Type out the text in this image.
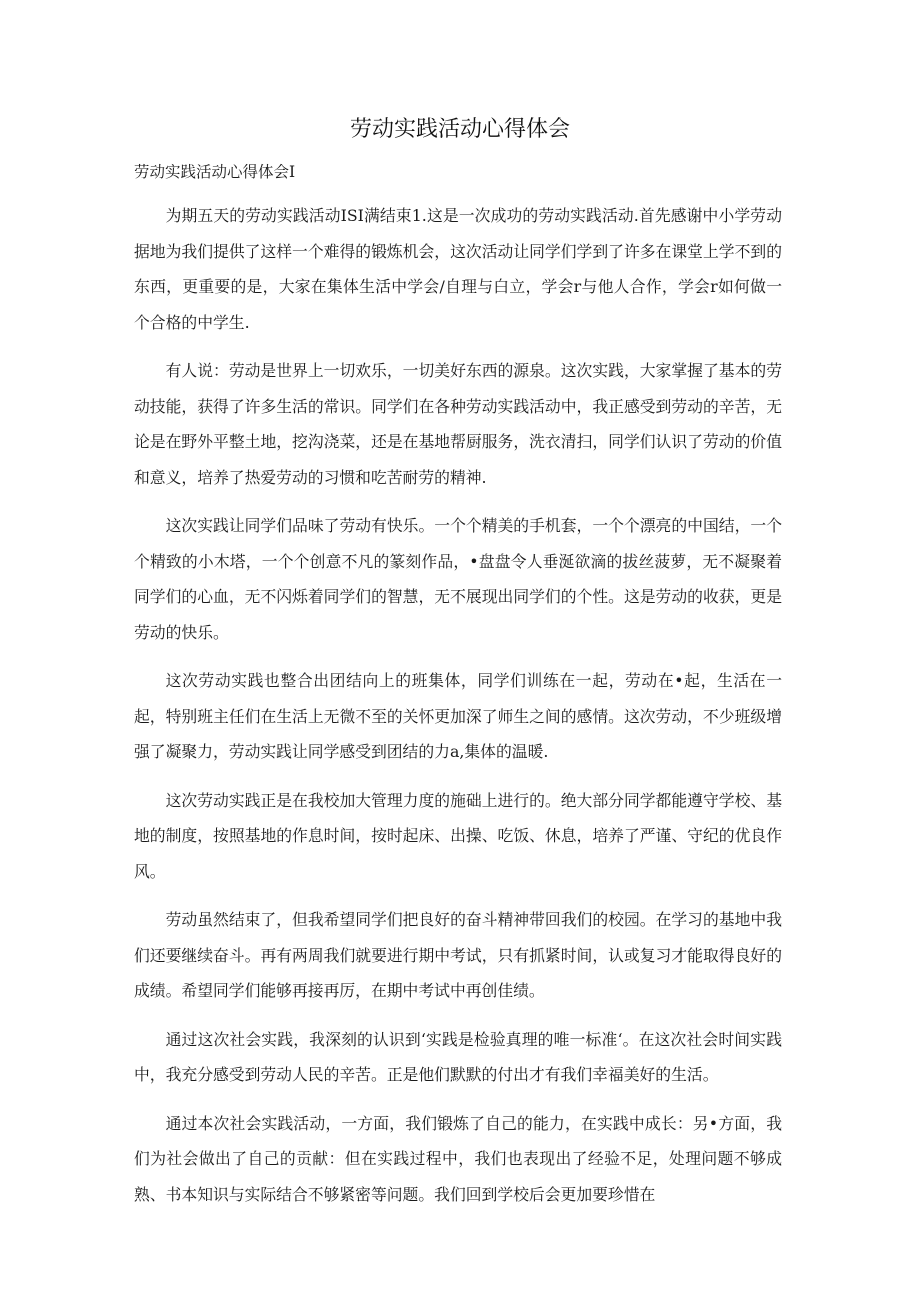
劳动实践活动心得体会

劳动实践活动心得体会I

为期五天的劳动实践活动ISI满结束1.这是一次成功的劳动实践活动.首先感谢中小学劳动据地为我们提供了这样一个难得的锻炼机会，这次活动让同学们学到了许多在课堂上学不到的东西，更重要的是，大家在集体生活中学会/自理与白立，学会r与他人合作，学会r如何做一个合格的中学生.

有人说：劳动是世界上一切欢乐，一切美好东西的源泉。这次实践，大家掌握了基本的劳动技能，获得了许多生活的常识。同学们在各种劳动实践活动中，我正感受到劳动的辛苦，无论是在野外平整土地，挖沟浇菜，还是在基地帮厨服务，洗衣清扫，同学们认识了劳动的价值和意义，培养了热爱劳动的习惯和吃苦耐劳的精神.

这次实践让同学们品味了劳动有快乐。一个个精美的手机套，一个个漂亮的中国结，一个个精致的小木塔，一个个创意不凡的篆刻作品，•盘盘令人垂涎欲滴的拔丝菠萝，无不凝聚着同学们的心血，无不闪烁着同学们的智慧，无不展现出同学们的个性。这是劳动的收获，更是劳动的快乐。

这次劳动实践也整合出团结向上的班集体，同学们训练在一起，劳动在•起，生活在一起，特别班主任们在生活上无微不至的关怀更加深了师生之间的感情。这次劳动，不少班级增强了凝聚力，劳动实践让同学感受到团结的力a,集体的温暖.

这次劳动实践正是在我校加大管理力度的施础上进行的。绝大部分同学都能遵守学校、基地的制度，按照基地的作息时间，按时起床、出操、吃饭、休息，培养了严谨、守纪的优良作风。

劳动虽然结束了，但我希望同学们把良好的奋斗精神带回我们的校园。在学习的基地中我们还要继续奋斗。再有两周我们就要进行期中考试，只有抓紧时间，认或复习才能取得良好的成绩。希望同学们能够再接再厉，在期中考试中再创佳绩。

通过这次社会实践，我深刻的认识到‘实践是检验真理的唯一标准‘。在这次社会时间实践中，我充分感受到劳动人民的辛苦。正是他们默默的付出才有我们幸福美好的生活。

通过本次社会实践活动，一方面，我们锻炼了自己的能力，在实践中成长：另•方面，我们为社会做出了自己的贡献：但在实践过程中，我们也表现出了经验不足，处理问题不够成熟、书本知识与实际结合不够紧密等问题。我们回到学校后会更加要珍惜在
